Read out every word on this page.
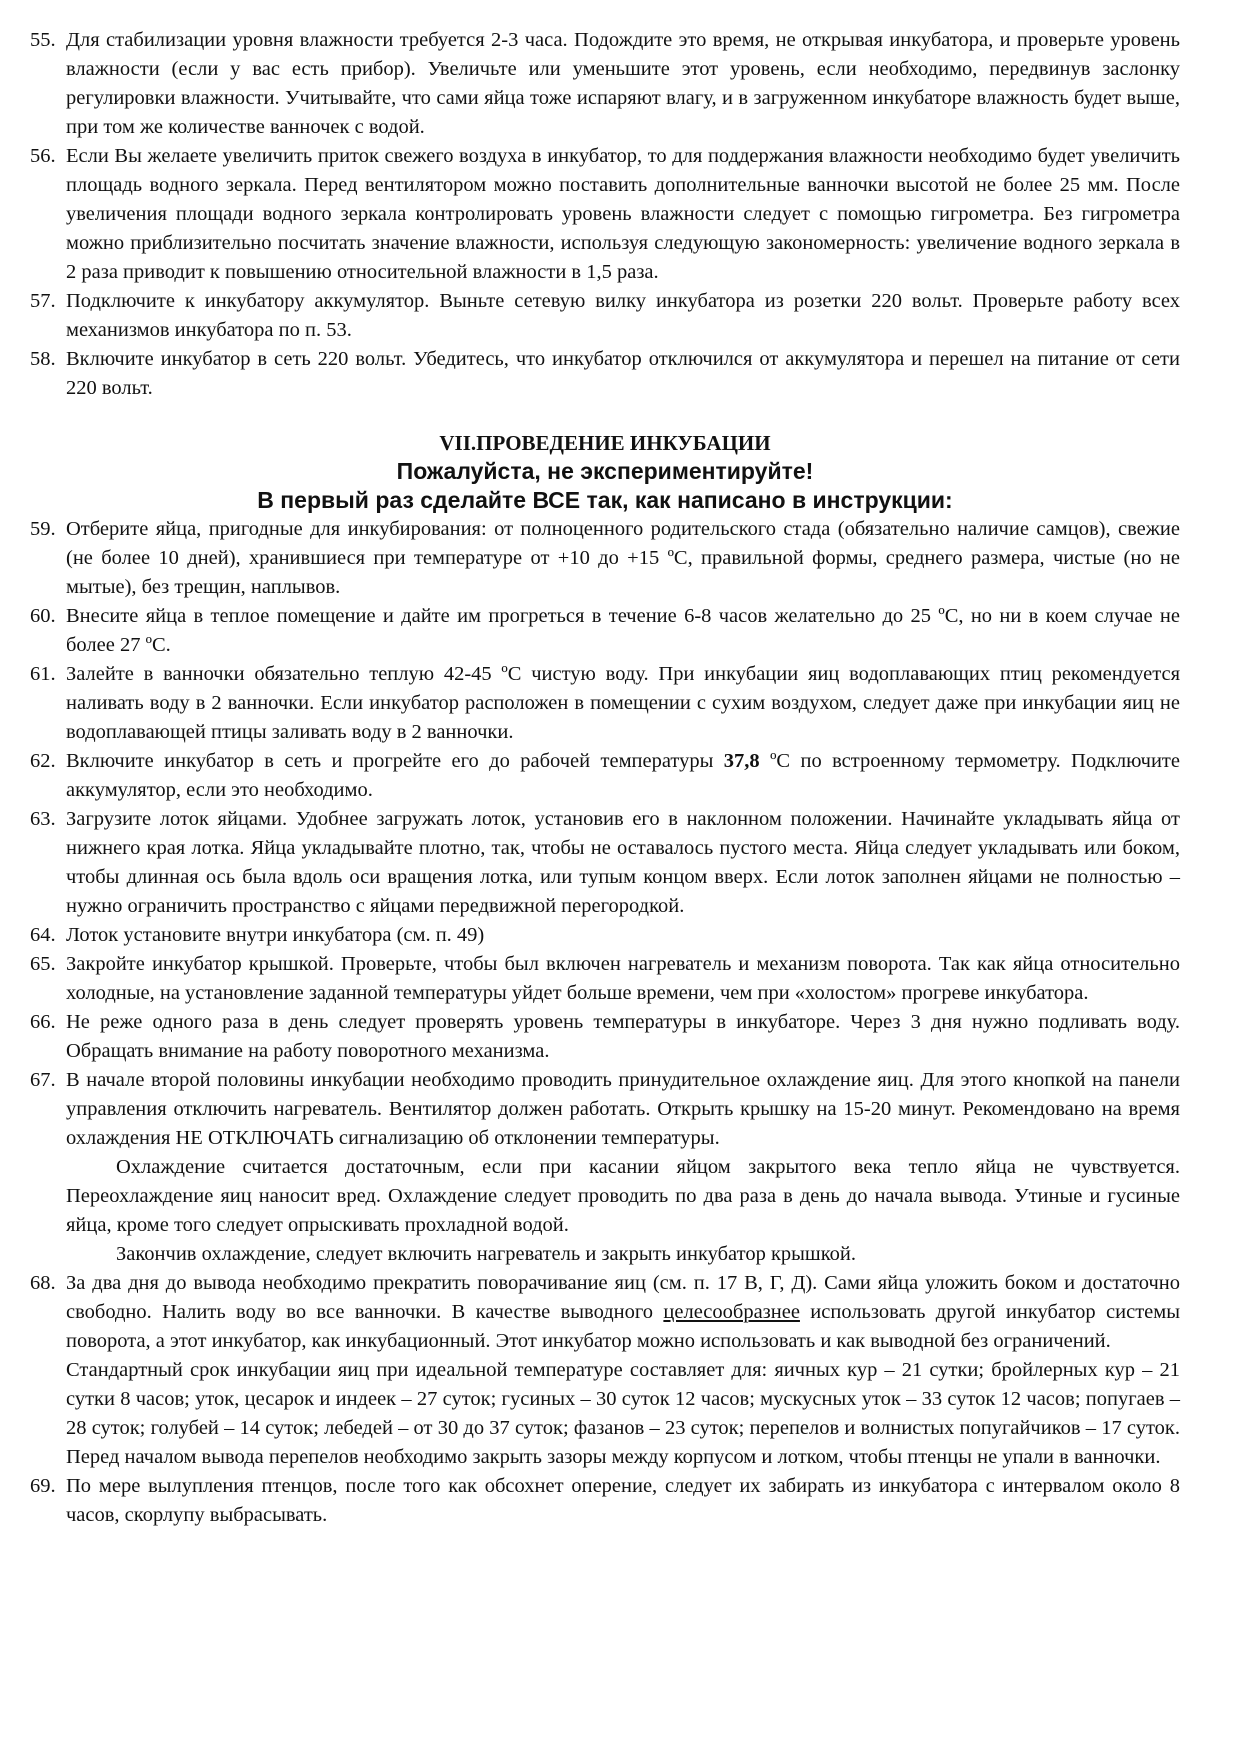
55. Для стабилизации уровня влажности требуется 2-3 часа. Подождите это время, не открывая инкубатора, и проверьте уровень влажности (если у вас есть прибор). Увеличьте или уменьшите этот уровень, если необходимо, передвинув заслонку регулировки влажности. Учитывайте, что сами яйца тоже испаряют влагу, и в загруженном инкубаторе влажность будет выше, при том же количестве ванночек с водой.

56. Если Вы желаете увеличить приток свежего воздуха в инкубатор, то для поддержания влажности необходимо будет увеличить площадь водного зеркала. Перед вентилятором можно поставить дополнительные ванночки высотой не более 25 мм. После увеличения площади водного зеркала контролировать уровень влажности следует с помощью гигрометра. Без гигрометра можно приблизительно посчитать значение влажности, используя следующую закономерность: увеличение водного зеркала в 2 раза приводит к повышению относительной влажности в 1,5 раза.

57. Подключите к инкубатору аккумулятор. Выньте сетевую вилку инкубатора из розетки 220 вольт. Проверьте работу всех механизмов инкубатора по п. 53.

58. Включите инкубатор в сеть 220 вольт. Убедитесь, что инкубатор отключился от аккумулятора и перешел на питание от сети 220 вольт.

VII.ПРОВЕДЕНИЕ ИНКУБАЦИИ

Пожалуйста, не экспериментируйте!

В первый раз сделайте ВСЕ так, как написано в инструкции:

59. Отберите яйца, пригодные для инкубирования: от полноценного родительского стада (обязательно наличие самцов), свежие (не более 10 дней), хранившиеся при температуре от +10 до +15 ºС, правильной формы, среднего размера, чистые (но не мытые), без трещин, наплывов.

60. Внесите яйца в теплое помещение и дайте им прогреться в течение 6-8 часов желательно до 25 ºС, но ни в коем случае не более 27 ºС.

61. Залейте в ванночки обязательно теплую 42-45 ºС чистую воду. При инкубации яиц водоплавающих птиц рекомендуется наливать воду в 2 ванночки. Если инкубатор расположен в помещении с сухим воздухом, следует даже при инкубации яиц не водоплавающей птицы заливать воду в 2 ванночки.

62. Включите инкубатор в сеть и прогрейте его до рабочей температуры 37,8 ºС по встроенному термометру. Подключите аккумулятор, если это необходимо.

63. Загрузите лоток яйцами. Удобнее загружать лоток, установив его в наклонном положении. Начинайте укладывать яйца от нижнего края лотка. Яйца укладывайте плотно, так, чтобы не оставалось пустого места. Яйца следует укладывать или боком, чтобы длинная ось была вдоль оси вращения лотка, или тупым концом вверх. Если лоток заполнен яйцами не полностью – нужно ограничить пространство с яйцами передвижной перегородкой.

64. Лоток установите внутри инкубатора (см. п. 49)

65. Закройте инкубатор крышкой. Проверьте, чтобы был включен нагреватель и механизм поворота. Так как яйца относительно холодные, на установление заданной температуры уйдет больше времени, чем при «холостом» прогреве инкубатора.

66. Не реже одного раза в день следует проверять уровень температуры в инкубаторе. Через 3 дня нужно подливать воду. Обращать внимание на работу поворотного механизма.

67. В начале второй половины инкубации необходимо проводить принудительное охлаждение яиц. Для этого кнопкой на панели управления отключить нагреватель. Вентилятор должен работать. Открыть крышку на 15-20 минут. Рекомендовано на время охлаждения НЕ ОТКЛЮЧАТЬ сигнализацию об отклонении температуры.

Охлаждение считается достаточным, если при касании яйцом закрытого века тепло яйца не чувствуется. Переохлаждение яиц наносит вред. Охлаждение следует проводить по два раза в день до начала вывода. Утиные и гусиные яйца, кроме того следует опрыскивать прохладной водой.

Закончив охлаждение, следует включить нагреватель и закрыть инкубатор крышкой.

68. За два дня до вывода необходимо прекратить поворачивание яиц (см. п. 17 В, Г, Д). Сами яйца уложить боком и достаточно свободно. Налить воду во все ванночки. В качестве выводного целесообразнее использовать другой инкубатор системы поворота, а этот инкубатор, как инкубационный. Этот инкубатор можно использовать и как выводной без ограничений.

Стандартный срок инкубации яиц при идеальной температуре составляет для: яичных кур – 21 сутки; бройлерных кур – 21 сутки 8 часов; уток, цесарок и индеек – 27 суток; гусиных – 30 суток 12 часов; мускусных уток – 33 суток 12 часов; попугаев – 28 суток; голубей – 14 суток; лебедей – от 30 до 37 суток; фазанов – 23 суток; перепелов и волнистых попугайчиков – 17 суток. Перед началом вывода перепелов необходимо закрыть зазоры между корпусом и лотком, чтобы птенцы не упали в ванночки.

69. По мере вылупления птенцов, после того как обсохнет оперение, следует их забирать из инкубатора с интервалом около 8 часов, скорлупу выбрасывать.
